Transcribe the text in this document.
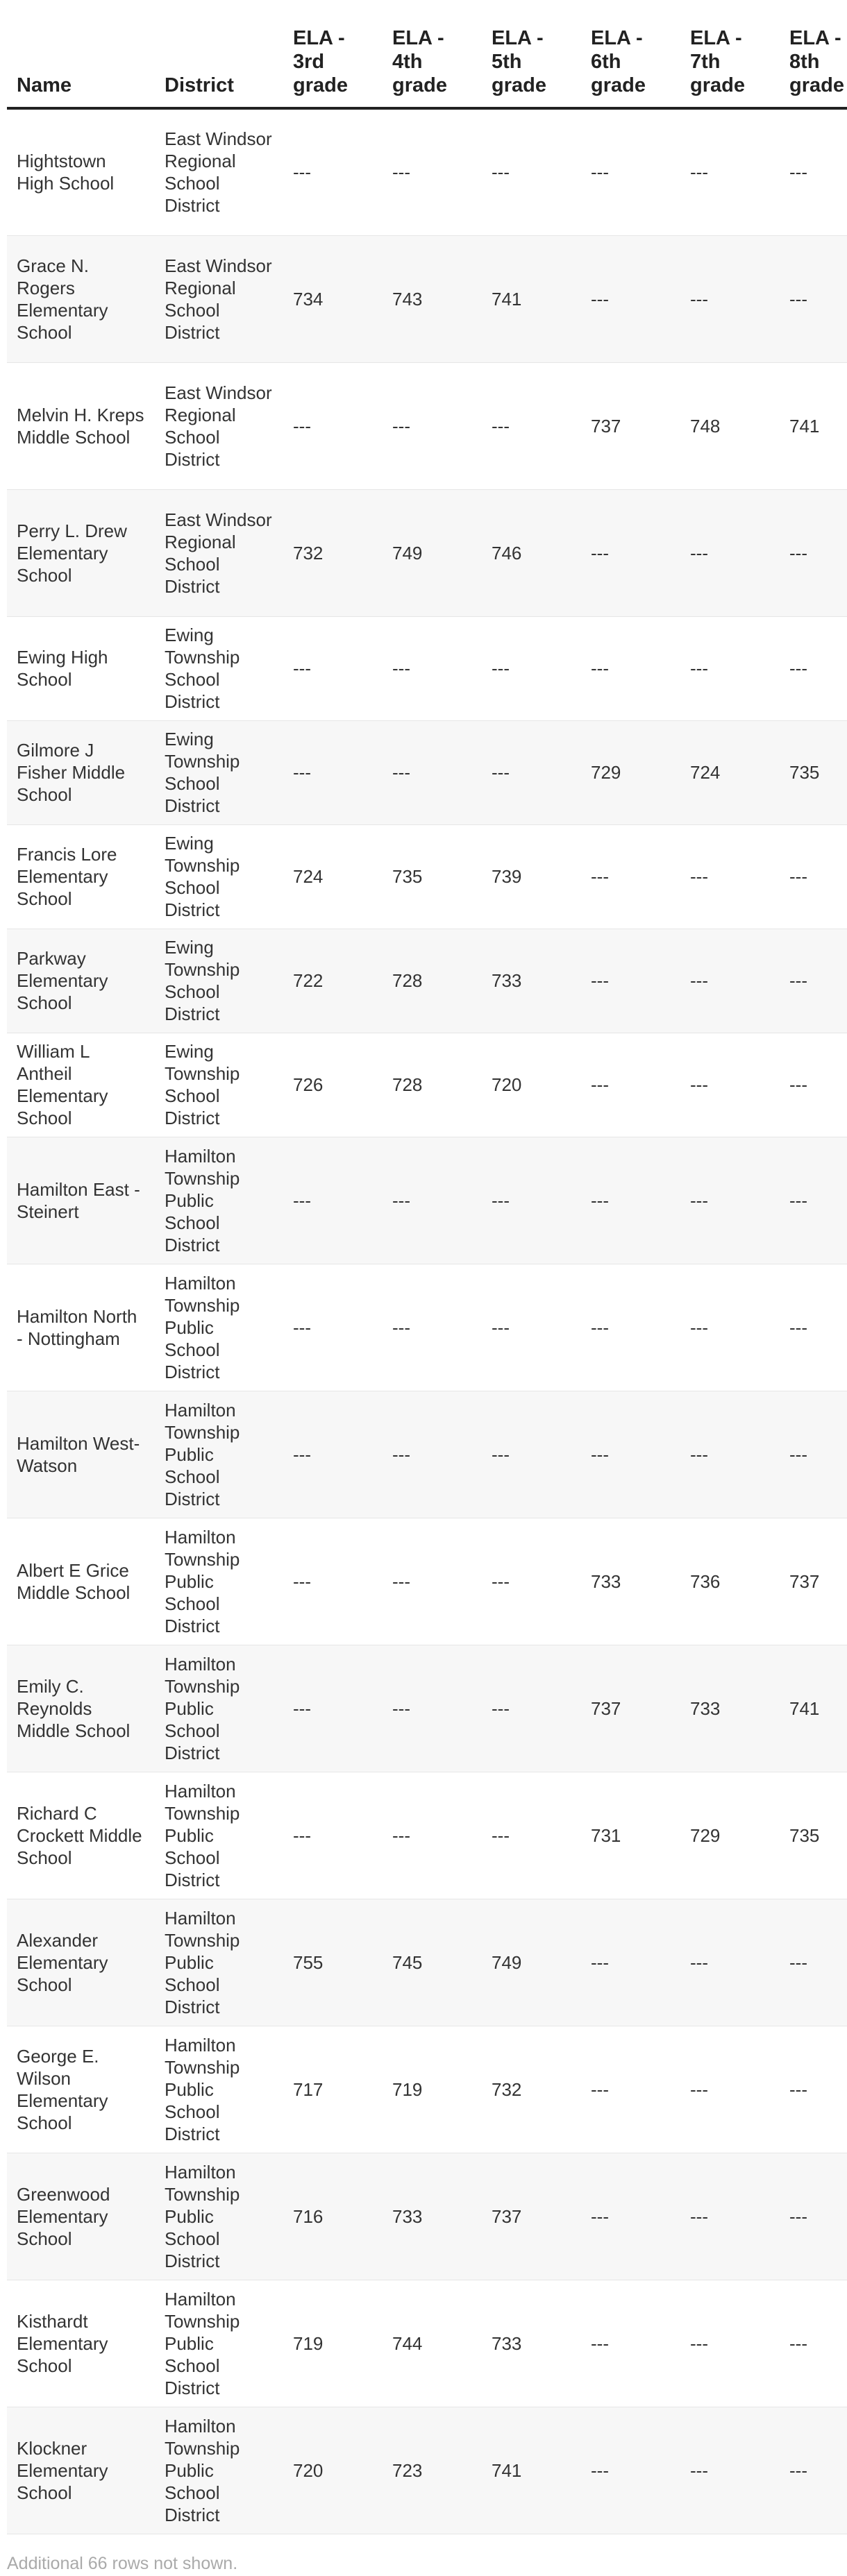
Name	District	ELA - 3rd grade	ELA - 4th grade	ELA - 5th grade	ELA - 6th grade	ELA - 7th grade	ELA - 8th grade
Hightstown High School	East Windsor Regional School District	---	---	---	---	---	---
Grace N. Rogers Elementary School	East Windsor Regional School District	734	743	741	---	---	---
Melvin H. Kreps Middle School	East Windsor Regional School District	---	---	---	737	748	741
Perry L. Drew Elementary School	East Windsor Regional School District	732	749	746	---	---	---
Ewing High School	Ewing Township School District	---	---	---	---	---	---
Gilmore J Fisher Middle School	Ewing Township School District	---	---	---	729	724	735
Francis Lore Elementary School	Ewing Township School District	724	735	739	---	---	---
Parkway Elementary School	Ewing Township School District	722	728	733	---	---	---
William L Antheil Elementary School	Ewing Township School District	726	728	720	---	---	---
Hamilton East - Steinert	Hamilton Township Public School District	---	---	---	---	---	---
Hamilton North - Nottingham	Hamilton Township Public School District	---	---	---	---	---	---
Hamilton West- Watson	Hamilton Township Public School District	---	---	---	---	---	---
Albert E Grice Middle School	Hamilton Township Public School District	---	---	---	733	736	737
Emily C. Reynolds Middle School	Hamilton Township Public School District	---	---	---	737	733	741
Richard C Crockett Middle School	Hamilton Township Public School District	---	---	---	731	729	735
Alexander Elementary School	Hamilton Township Public School District	755	745	749	---	---	---
George E. Wilson Elementary School	Hamilton Township Public School District	717	719	732	---	---	---
Greenwood Elementary School	Hamilton Township Public School District	716	733	737	---	---	---
Kisthardt Elementary School	Hamilton Township Public School District	719	744	733	---	---	---
Klockner Elementary School	Hamilton Township Public School District	720	723	741	---	---	---
Additional 66 rows not shown.
